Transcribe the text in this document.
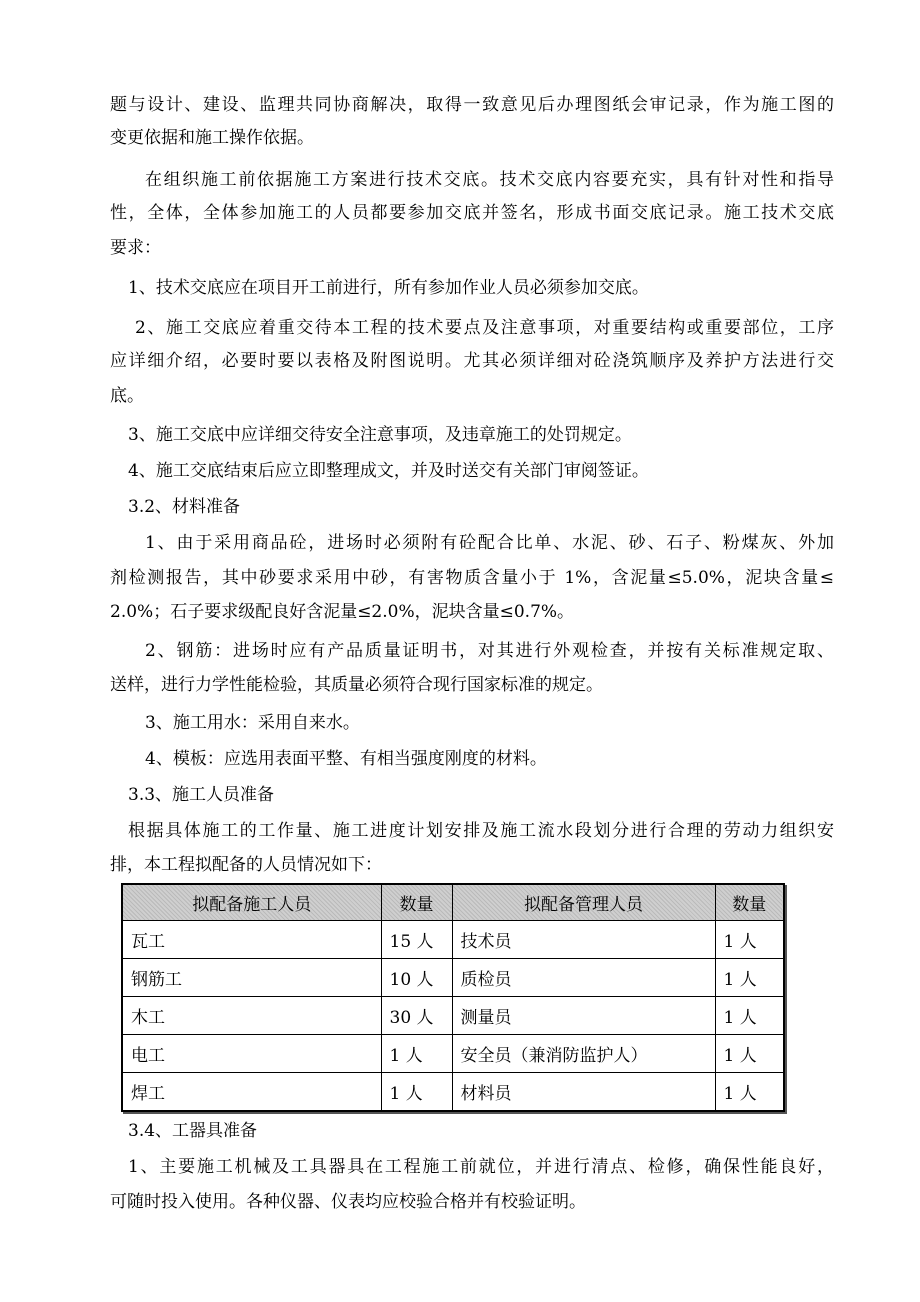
题与设计、建设、监理共同协商解决，取得一致意见后办理图纸会审记录，作为施工图的
变更依据和施工操作依据。
在组织施工前依据施工方案进行技术交底。技术交底内容要充实，具有针对性和指导
性，全体，全体参加施工的人员都要参加交底并签名，形成书面交底记录。施工技术交底
要求：
1、技术交底应在项目开工前进行，所有参加作业人员必须参加交底。
2、施工交底应着重交待本工程的技术要点及注意事项，对重要结构或重要部位，工序
应详细介绍，必要时要以表格及附图说明。尤其必须详细对砼浇筑顺序及养护方法进行交
底。
3、施工交底中应详细交待安全注意事项，及违章施工的处罚规定。
4、施工交底结束后应立即整理成文，并及时送交有关部门审阅签证。
3.2、材料准备
1、由于采用商品砼，进场时必须附有砼配合比单、水泥、砂、石子、粉煤灰、外加
剂检测报告，其中砂要求采用中砂，有害物质含量小于 1%，含泥量≤5.0%，泥块含量≤
2.0%；石子要求级配良好含泥量≤2.0%，泥块含量≤0.7%。
2、钢筋：进场时应有产品质量证明书，对其进行外观检查，并按有关标准规定取、
送样，进行力学性能检验，其质量必须符合现行国家标准的规定。
3、施工用水：采用自来水。
4、模板：应选用表面平整、有相当强度刚度的材料。
3.3、施工人员准备
根据具体施工的工作量、施工进度计划安排及施工流水段划分进行合理的劳动力组织安
排，本工程拟配备的人员情况如下：
拟配备施工人员	数量	拟配备管理人员	数量
瓦工	15 人	技术员	1 人
钢筋工	10 人	质检员	1 人
木工	30 人	测量员	1 人
电工	1 人	安全员（兼消防监护人）	1 人
焊工	1 人	材料员	1 人
3.4、工器具准备
1、主要施工机械及工具器具在工程施工前就位，并进行清点、检修，确保性能良好，
可随时投入使用。各种仪器、仪表均应校验合格并有校验证明。
